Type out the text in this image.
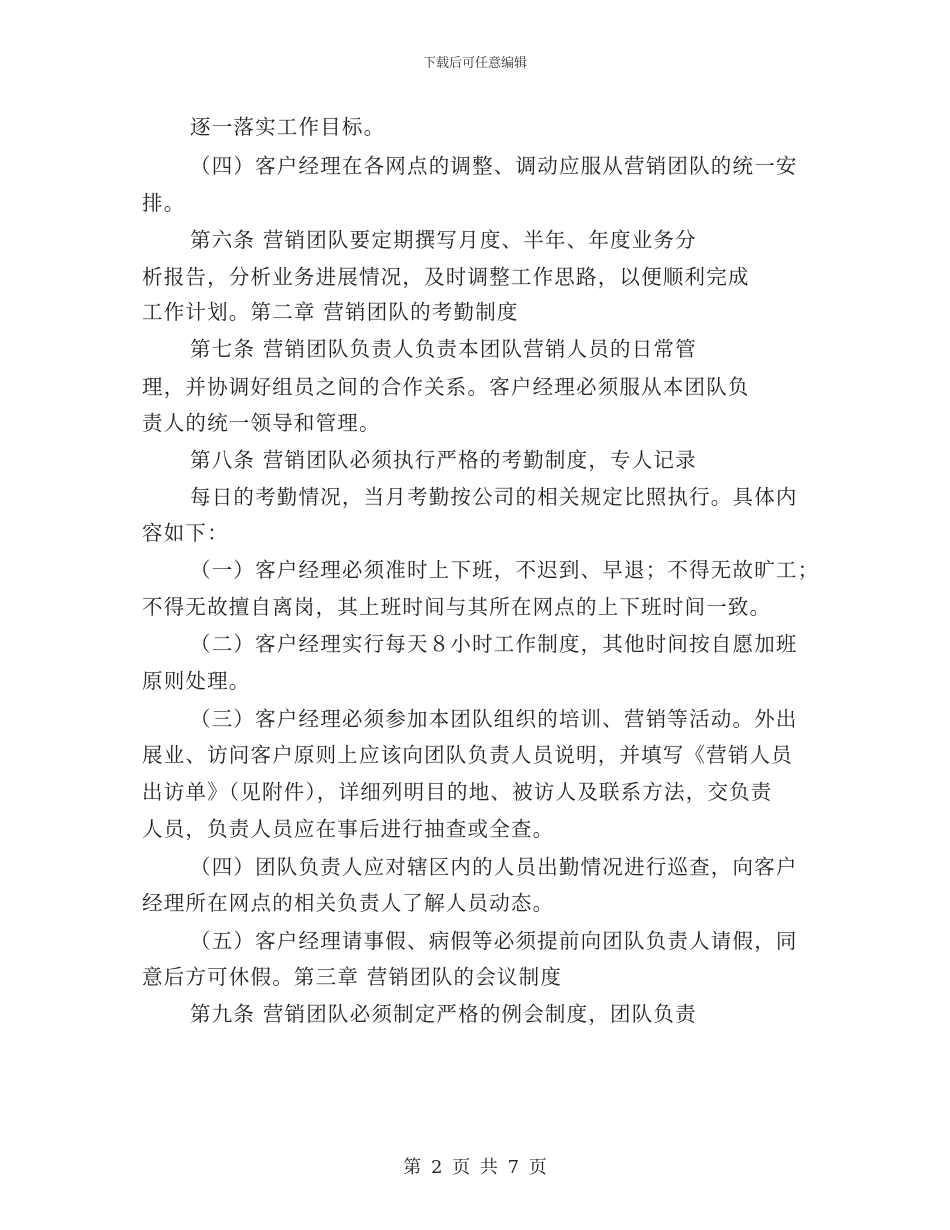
下载后可任意编辑
逐一落实工作目标。
（四）客户经理在各网点的调整、调动应服从营销团队的统一安
排。
第六条 营销团队要定期撰写月度、半年、年度业务分
析报告，分析业务进展情况，及时调整工作思路，以便顺利完成
工作计划。第二章 营销团队的考勤制度
第七条 营销团队负责人负责本团队营销人员的日常管
理，并协调好组员之间的合作关系。客户经理必须服从本团队负
责人的统一领导和管理。
第八条 营销团队必须执行严格的考勤制度，专人记录
每日的考勤情况，当月考勤按公司的相关规定比照执行。具体内
容如下：
（一）客户经理必须准时上下班，不迟到、早退；不得无故旷工；
不得无故擅自离岗，其上班时间与其所在网点的上下班时间一致。
（二）客户经理实行每天８小时工作制度，其他时间按自愿加班
原则处理。
（三）客户经理必须参加本团队组织的培训、营销等活动。外出
展业、访问客户原则上应该向团队负责人员说明，并填写《营销人员
出访单》（见附件），详细列明目的地、被访人及联系方法，交负责
人员，负责人员应在事后进行抽查或全查。
（四）团队负责人应对辖区内的人员出勤情况进行巡查，向客户
经理所在网点的相关负责人了解人员动态。
（五）客户经理请事假、病假等必须提前向团队负责人请假，同
意后方可休假。第三章 营销团队的会议制度
第九条 营销团队必须制定严格的例会制度，团队负责
第 2 页 共 7 页
